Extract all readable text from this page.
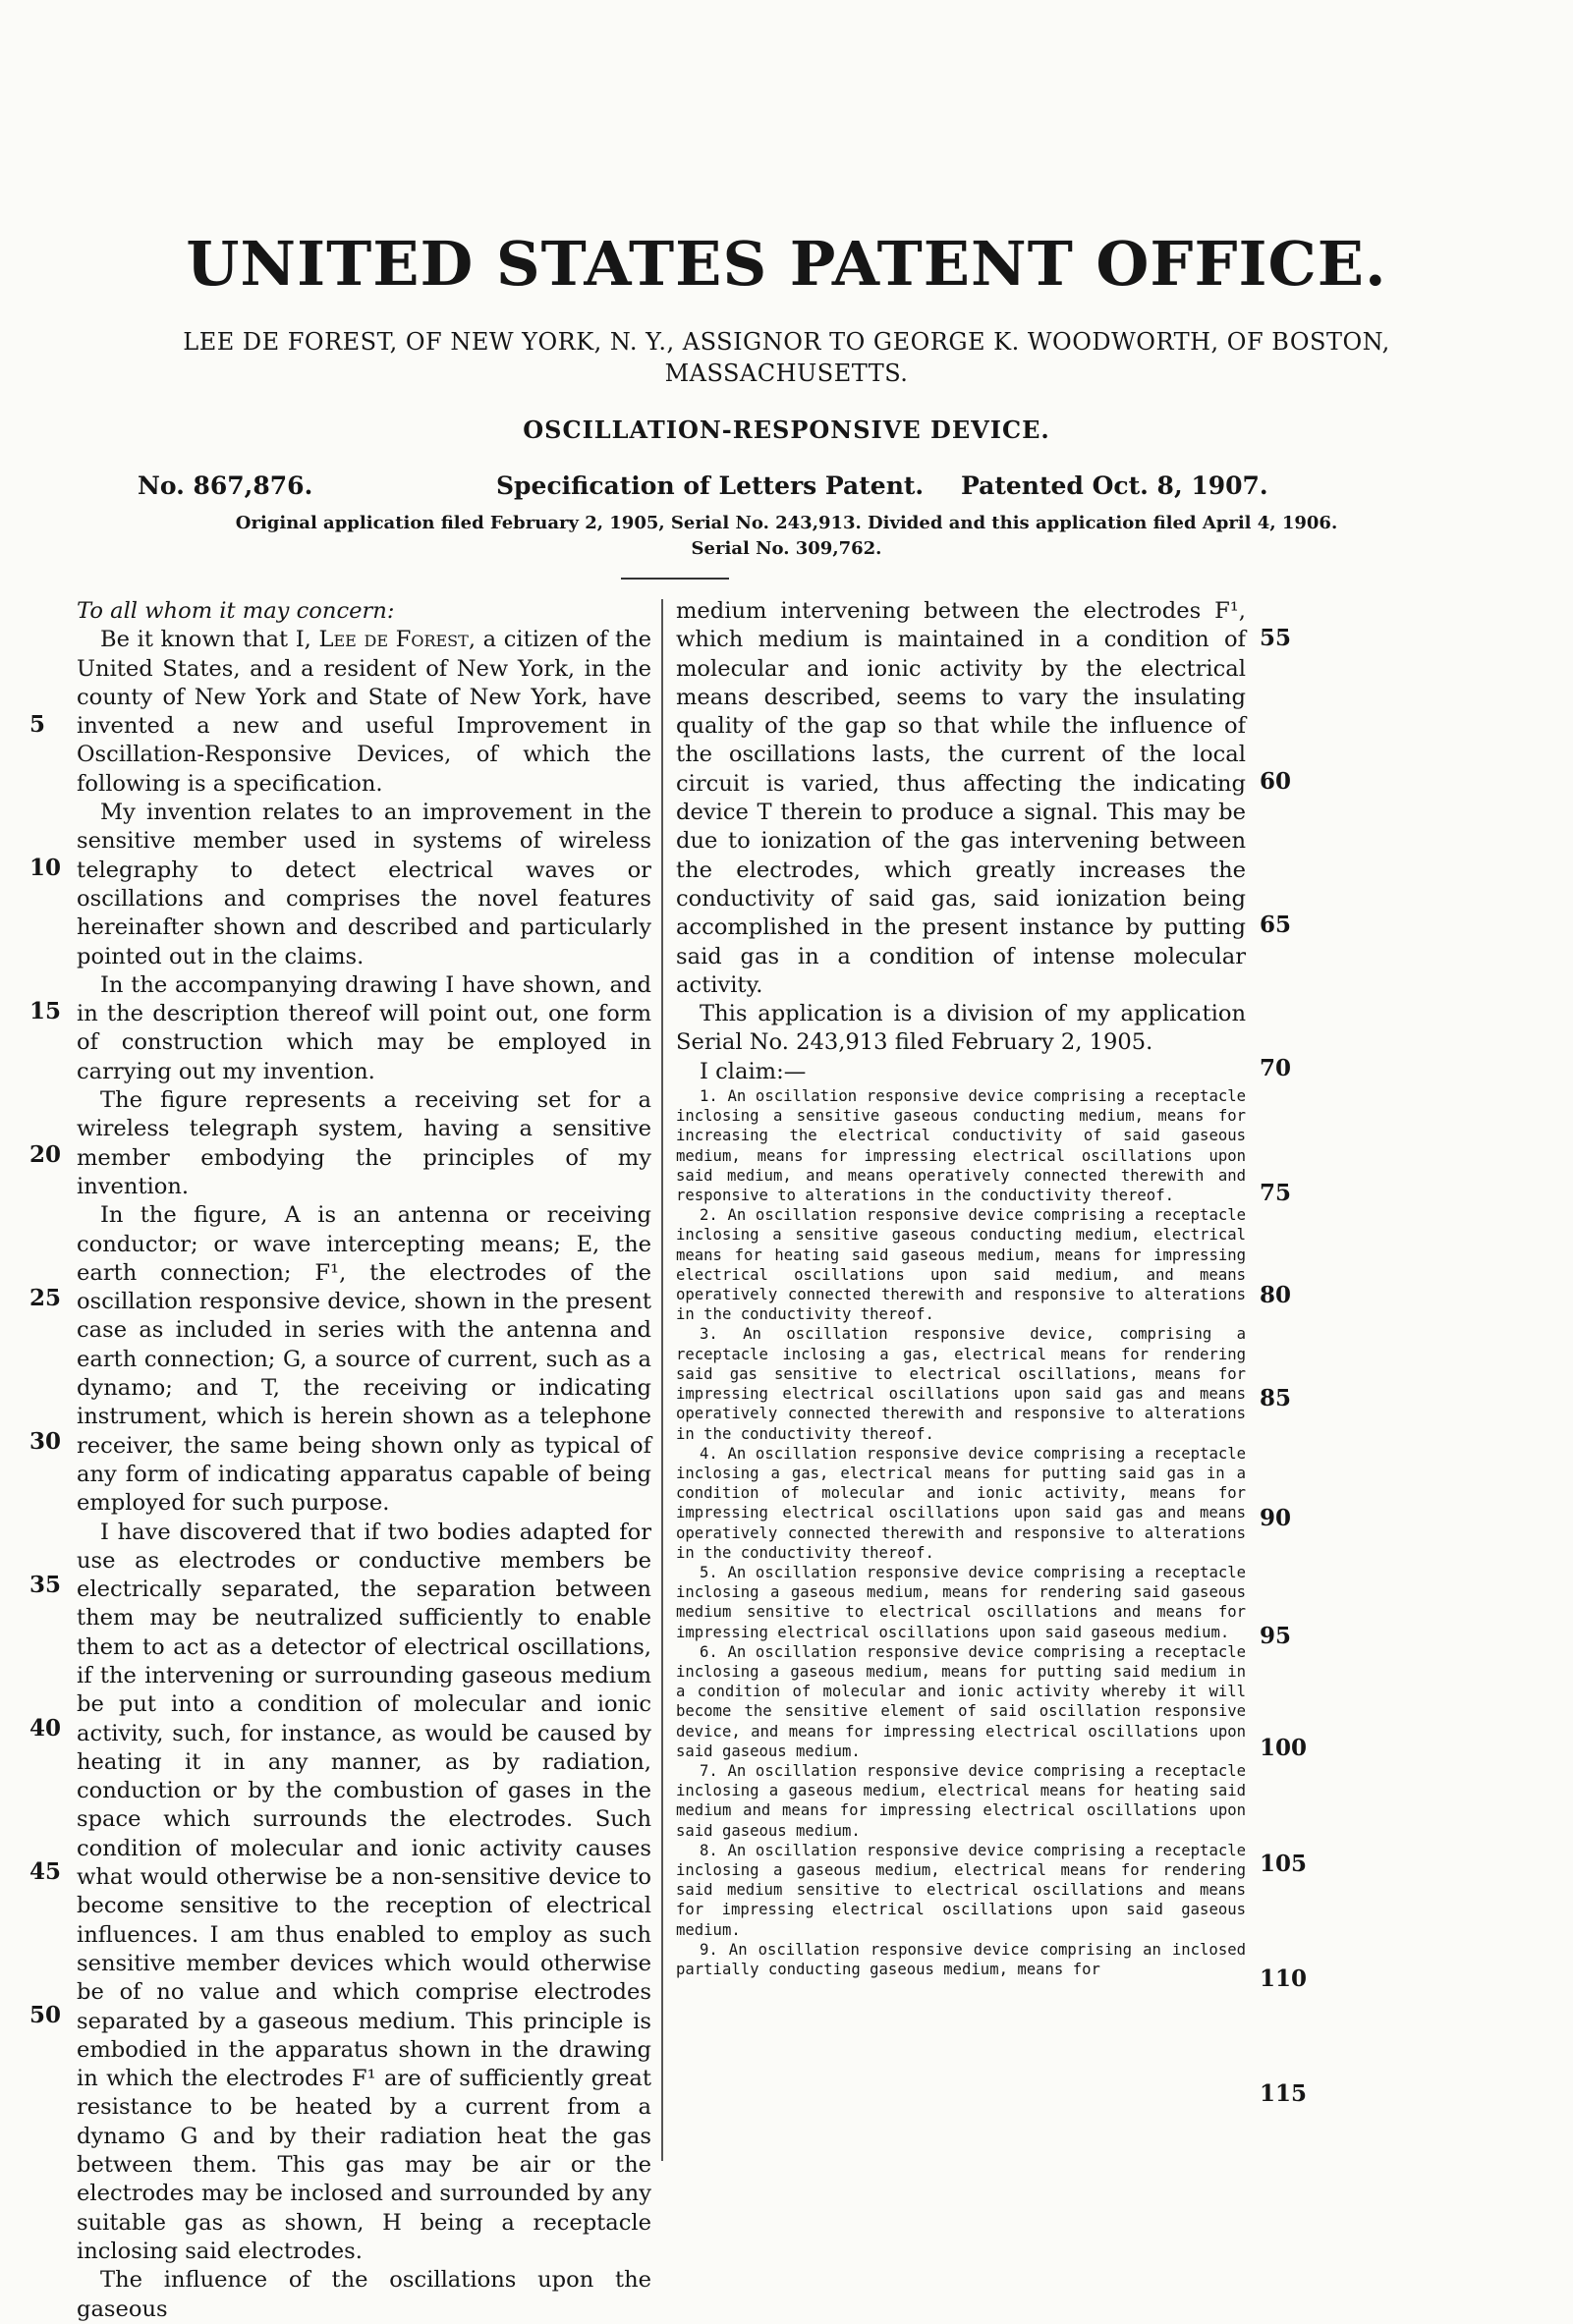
UNITED STATES PATENT OFFICE.
LEE DE FOREST, OF NEW YORK, N. Y., ASSIGNOR TO GEORGE K. WOODWORTH, OF BOSTON,
MASSACHUSETTS.
OSCILLATION-RESPONSIVE DEVICE.
No. 867,876.	Specification of Letters Patent. Patented Oct. 8, 1907.
Original application filed February 2, 1905, Serial No. 243,913. Divided and this application filed April 4, 1906.
Serial No. 309,762.

To all whom it may concern:

Be it known that I, Lee de Forest, a citizen of the United States, and a resident of New York, in the county of New York and State of New York, have invented a new and useful Improvement in Oscillation-Responsive Devices, of which the following is a specification.

My invention relates to an improvement in the sensitive member used in systems of wireless telegraphy to detect electrical waves or oscillations and comprises the novel features hereinafter shown and described and particularly pointed out in the claims.

In the accompanying drawing I have shown, and in the description thereof will point out, one form of construction which may be employed in carrying out my invention.

The figure represents a receiving set for a wireless telegraph system, having a sensitive member embodying the principles of my invention.

In the figure, A is an antenna or receiving conductor; or wave intercepting means; E, the earth connection; F¹, the electrodes of the oscillation responsive device, shown in the present case as included in series with the antenna and earth connection; G, a source of current, such as a dynamo; and T, the receiving or indicating instrument, which is herein shown as a telephone receiver, the same being shown only as typical of any form of indicating apparatus capable of being employed for such purpose.

I have discovered that if two bodies adapted for use as electrodes or conductive members be electrically separated, the separation between them may be neutralized sufficiently to enable them to act as a detector of electrical oscillations, if the intervening or surrounding gaseous medium be put into a condition of molecular and ionic activity, such, for instance, as would be caused by heating it in any manner, as by radiation, conduction or by the combustion of gases in the space which surrounds the electrodes. Such condition of molecular and ionic activity causes what would otherwise be a non-sensitive device to become sensitive to the reception of electrical influences. I am thus enabled to employ as such sensitive member devices which would otherwise be of no value and which comprise electrodes separated by a gaseous medium. This principle is embodied in the apparatus shown in the drawing in which the electrodes F¹ are of sufficiently great resistance to be heated by a current from a dynamo G and by their radiation heat the gas between them. This gas may be air or the electrodes may be inclosed and surrounded by any suitable gas as shown, H being a receptacle inclosing said electrodes.

The influence of the oscillations upon the gaseous

medium intervening between the electrodes F¹, which medium is maintained in a condition of molecular and ionic activity by the electrical means described, seems to vary the insulating quality of the gap so that while the influence of the oscillations lasts, the current of the local circuit is varied, thus affecting the indicating device T therein to produce a signal. This may be due to ionization of the gas intervening between the electrodes, which greatly increases the conductivity of said gas, said ionization being accomplished in the present instance by putting said gas in a condition of intense molecular activity.

This application is a division of my application Serial No. 243,913 filed February 2, 1905.

I claim:—

1. An oscillation responsive device comprising a receptacle inclosing a sensitive gaseous conducting medium, means for increasing the electrical conductivity of said gaseous medium, means for impressing electrical oscillations upon said medium, and means operatively connected therewith and responsive to alterations in the conductivity thereof.

2. An oscillation responsive device comprising a receptacle inclosing a sensitive gaseous conducting medium, electrical means for heating said gaseous medium, means for impressing electrical oscillations upon said medium, and means operatively connected therewith and responsive to alterations in the conductivity thereof.

3. An oscillation responsive device, comprising a receptacle inclosing a gas, electrical means for rendering said gas sensitive to electrical oscillations, means for impressing electrical oscillations upon said gas and means operatively connected therewith and responsive to alterations in the conductivity thereof.

4. An oscillation responsive device comprising a receptacle inclosing a gas, electrical means for putting said gas in a condition of molecular and ionic activity, means for impressing electrical oscillations upon said gas and means operatively connected therewith and responsive to alterations in the conductivity thereof.

5. An oscillation responsive device comprising a receptacle inclosing a gaseous medium, means for rendering said gaseous medium sensitive to electrical oscillations and means for impressing electrical oscillations upon said gaseous medium.

6. An oscillation responsive device comprising a receptacle inclosing a gaseous medium, means for putting said medium in a condition of molecular and ionic activity whereby it will become the sensitive element of said oscillation responsive device, and means for impressing electrical oscillations upon said gaseous medium.

7. An oscillation responsive device comprising a receptacle inclosing a gaseous medium, electrical means for heating said medium and means for impressing electrical oscillations upon said gaseous medium.

8. An oscillation responsive device comprising a receptacle inclosing a gaseous medium, electrical means for rendering said medium sensitive to electrical oscillations and means for impressing electrical oscillations upon said gaseous medium.

9. An oscillation responsive device comprising an inclosed partially conducting gaseous medium, means for

5
10
15
20
25
30
35
40
45
50
55
60
65
70
75
80
85
90
95
100
105
110
115
